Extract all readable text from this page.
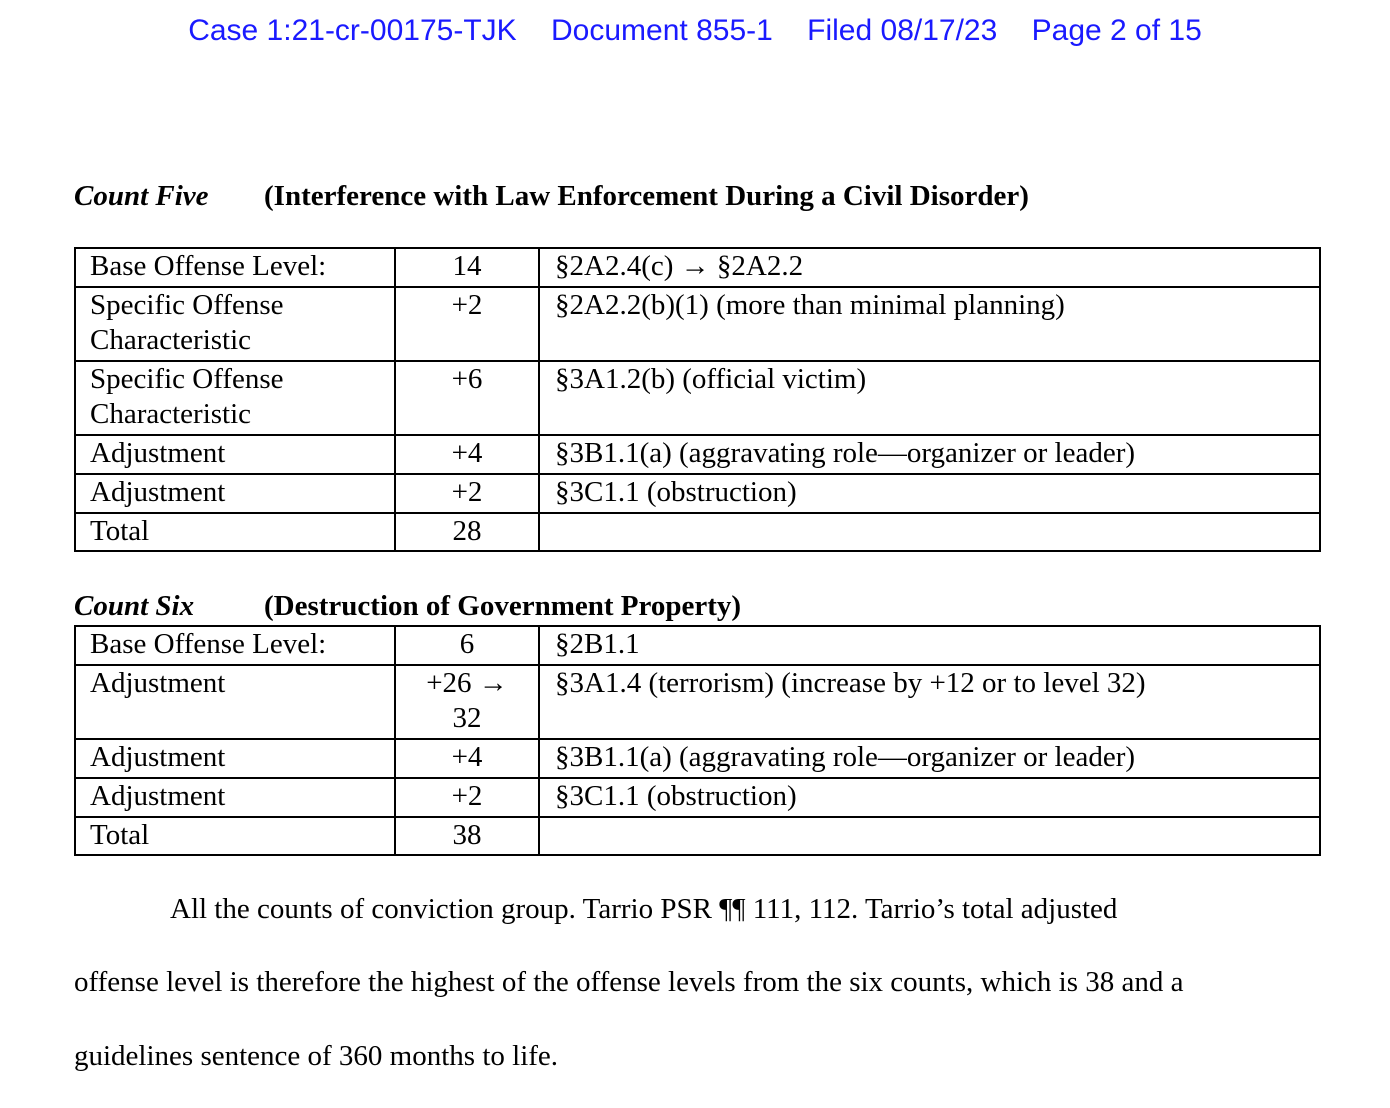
Case 1:21-cr-00175-TJK Document 855-1 Filed 08/17/23 Page 2 of 15
Count Five (Interference with Law Enforcement During a Civil Disorder)
Base Offense Level:	14	§2A2.4(c) → §2A2.2
Specific Offense Characteristic	+2	§2A2.2(b)(1) (more than minimal planning)
Specific Offense Characteristic	+6	§3A1.2(b) (official victim)
Adjustment	+4	§3B1.1(a) (aggravating role—organizer or leader)
Adjustment	+2	§3C1.1 (obstruction)
Total	28	
Count Six (Destruction of Government Property)
Base Offense Level:	6	§2B1.1
Adjustment	+26 → 32	§3A1.4 (terrorism) (increase by +12 or to level 32)
Adjustment	+4	§3B1.1(a) (aggravating role—organizer or leader)
Adjustment	+2	§3C1.1 (obstruction)
Total	38	
All the counts of conviction group. Tarrio PSR ¶¶ 111, 112. Tarrio’s total adjusted
offense level is therefore the highest of the offense levels from the six counts, which is 38 and a
guidelines sentence of 360 months to life.
